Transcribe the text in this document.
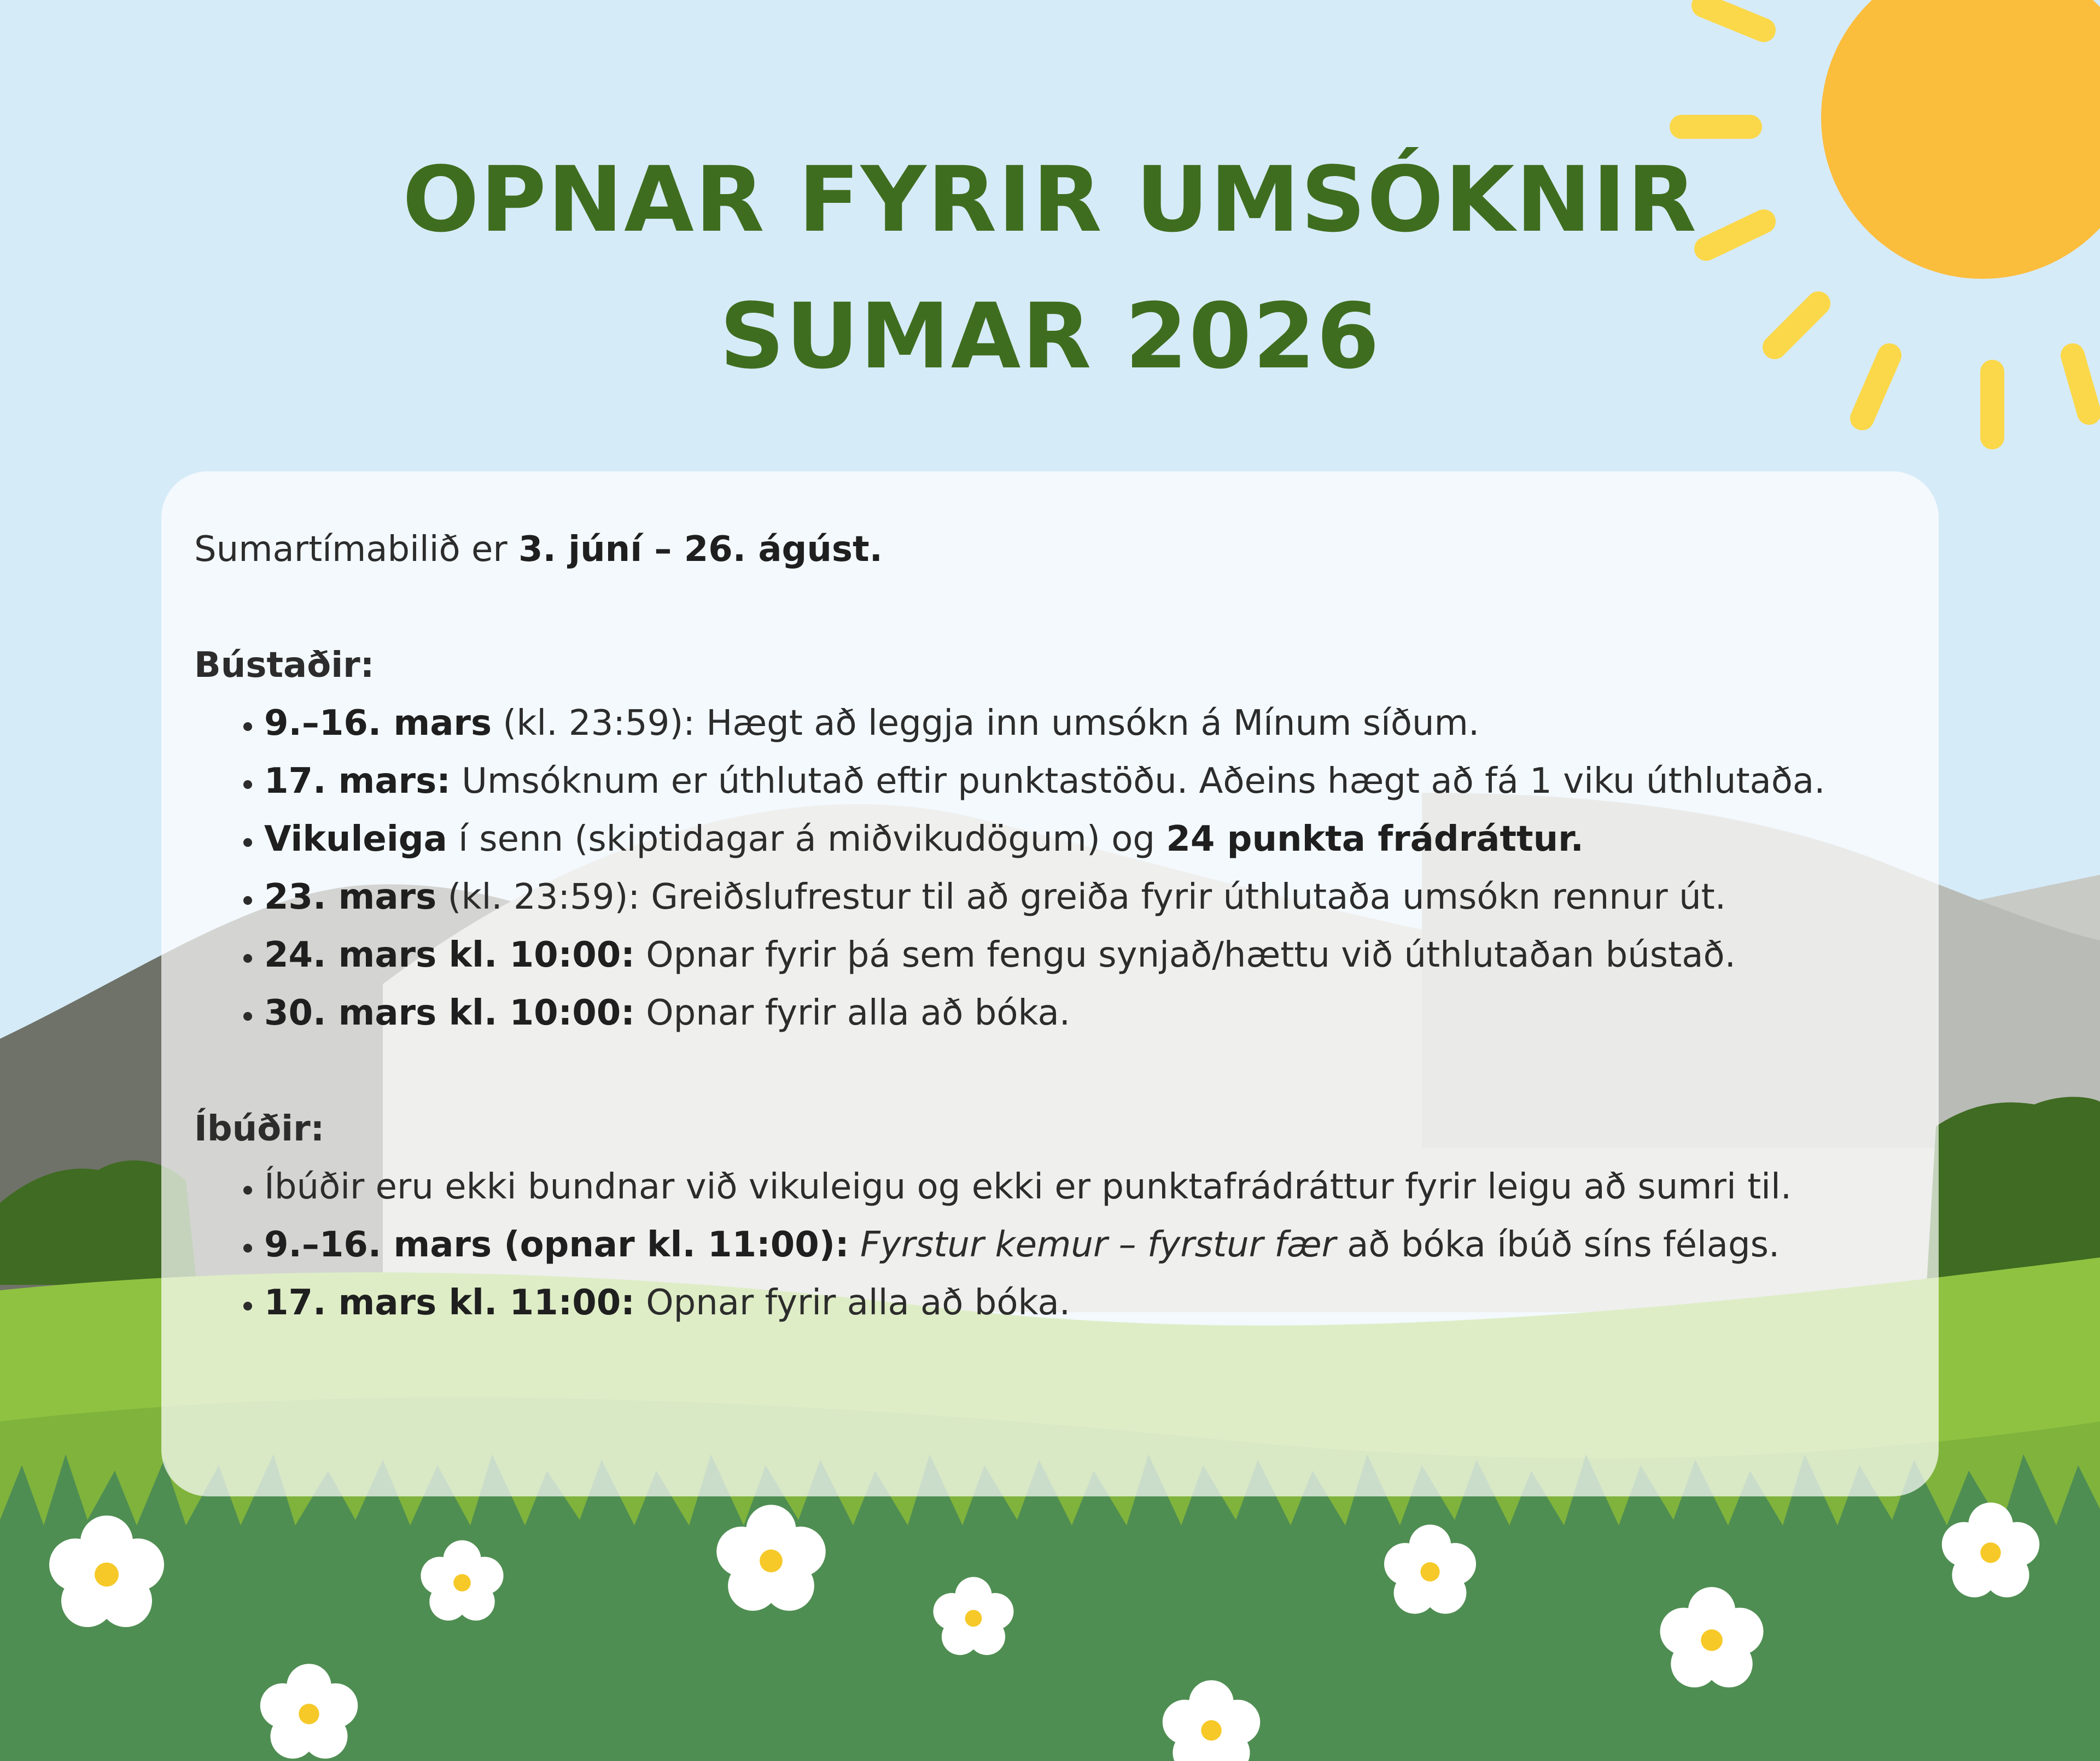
OPNAR FYRIR UMSÓKNIR
SUMAR 2026

Sumartímabilið er 3. júní – 26. ágúst.

Bústaðir:

• 9.–16. mars (kl. 23:59): Hægt að leggja inn umsókn á Mínum síðum.
• 17. mars: Umsóknum er úthlutað eftir punktastöðu. Aðeins hægt að fá 1 viku úthlutaða.
• Vikuleiga í senn (skiptidagar á miðvikudögum) og 24 punkta frádráttur.
• 23. mars (kl. 23:59): Greiðslufrestur til að greiða fyrir úthlutaða umsókn rennur út.
• 24. mars kl. 10:00: Opnar fyrir þá sem fengu synjað/hættu við úthlutaðan bústað.
• 30. mars kl. 10:00: Opnar fyrir alla að bóka.

Íbúðir:

• Íbúðir eru ekki bundnar við vikuleigu og ekki er punktafrádráttur fyrir leigu að sumri til.
• 9.–16. mars (opnar kl. 11:00): Fyrstur kemur – fyrstur fær að bóka íbúð síns félags.
• 17. mars kl. 11:00: Opnar fyrir alla að bóka.
